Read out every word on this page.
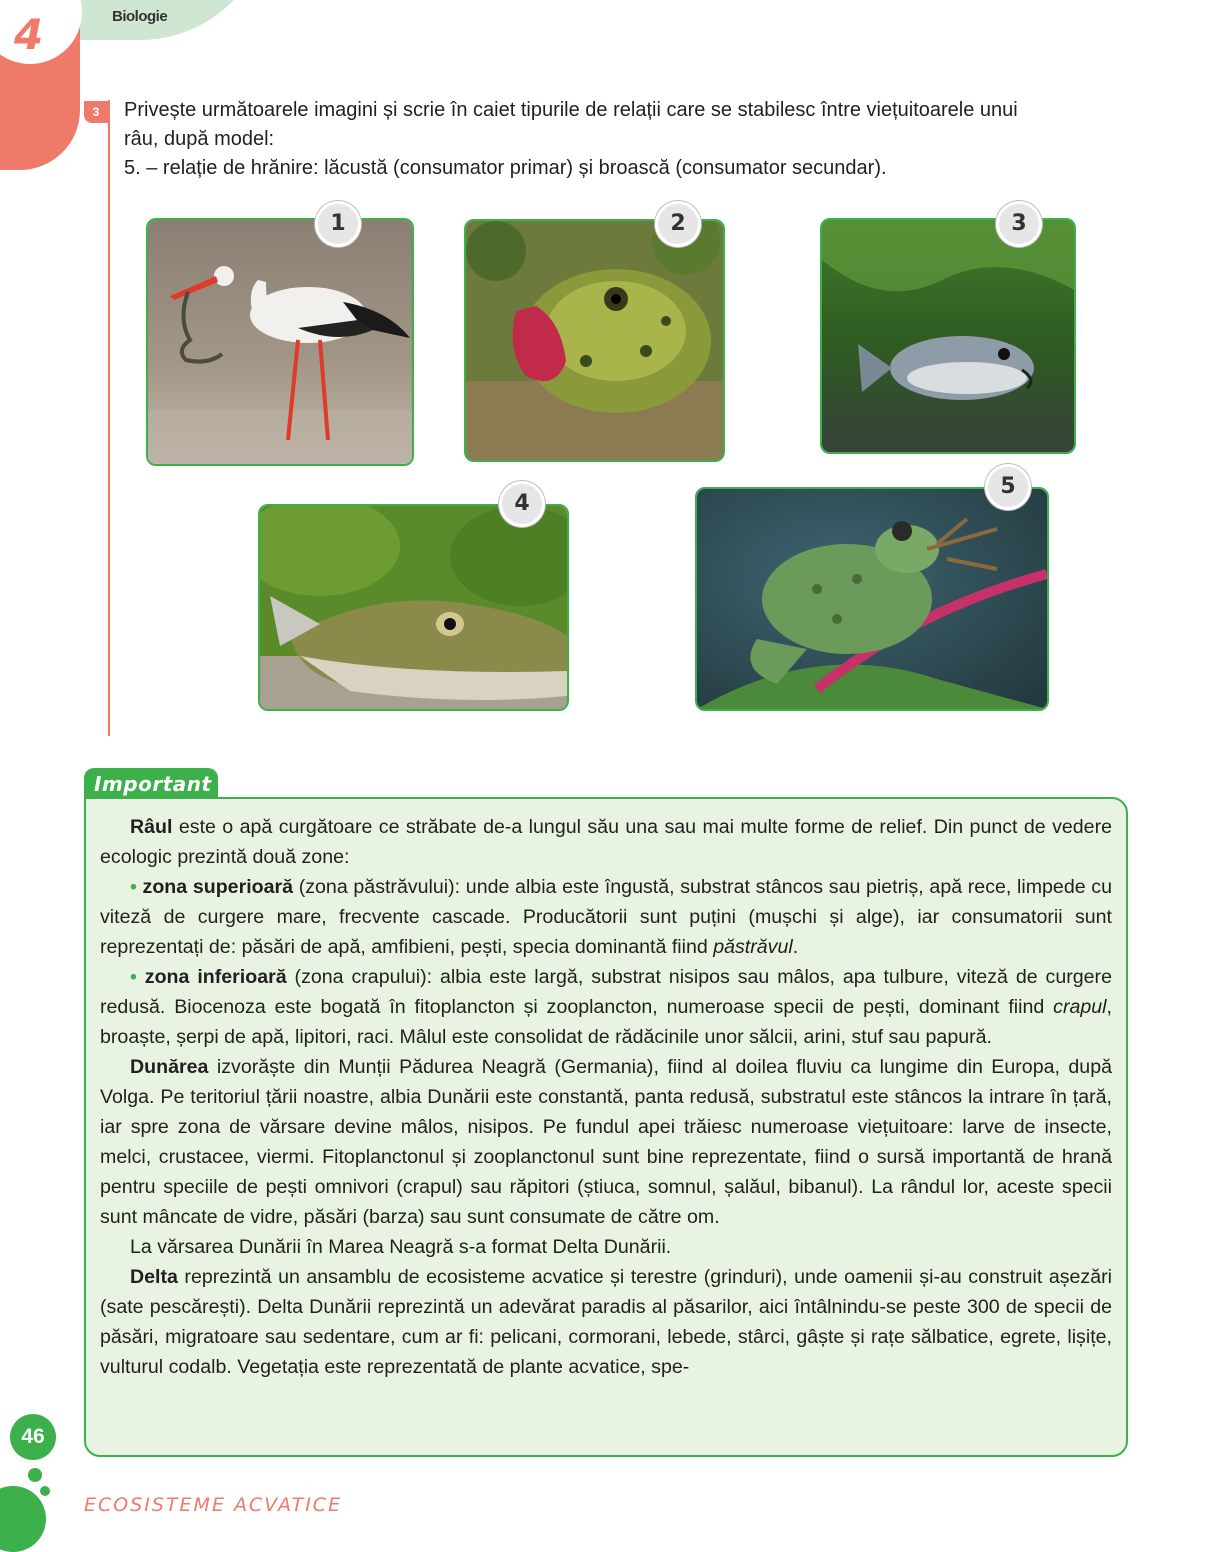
4	Biologie
3	Privește următoarele imagini și scrie în caiet tipurile de relații care se stabilesc între viețuitoarele unui
râu, după model:
5. – relație de hrănire: lăcustă (consumator primar) și broască (consumator secundar).
1	2	3
4
5
Important

Râul este o apă curgătoare ce străbate de-a lungul său una sau mai multe forme de relief. Din punct de vedere ecologic prezintă două zone:

• zona superioară (zona păstrăvului): unde albia este îngustă, substrat stâncos sau pietriș, apă rece, limpede cu viteză de curgere mare, frecvente cascade. Producătorii sunt puțini (mușchi și alge), iar consumatorii sunt reprezentați de: păsări de apă, amfibieni, pești, specia dominantă fiind păstrăvul.

• zona inferioară (zona crapului): albia este largă, substrat nisipos sau mâlos, apa tulbure, viteză de curgere redusă. Biocenoza este bogată în fitoplancton și zooplancton, numeroase specii de pești, dominant fiind crapul, broaște, șerpi de apă, lipitori, raci. Mâlul este consolidat de rădăcinile unor sălcii, arini, stuf sau papură.

Dunărea izvorăște din Munții Pădurea Neagră (Germania), fiind al doilea fluviu ca lungime din Europa, după Volga. Pe teritoriul țării noastre, albia Dunării este constantă, panta redusă, substratul este stâncos la intrare în țară, iar spre zona de vărsare devine mâlos, nisipos. Pe fundul apei trăiesc numeroase viețuitoare: larve de insecte, melci, crustacee, viermi. Fitoplanctonul și zooplanctonul sunt bine reprezentate, fiind o sursă importantă de hrană pentru speciile de pești omnivori (crapul) sau răpitori (știuca, somnul, șalăul, bibanul). La rândul lor, aceste specii sunt mâncate de vidre, păsări (barza) sau sunt consumate de către om.

La vărsarea Dunării în Marea Neagră s-a format Delta Dunării.

Delta reprezintă un ansamblu de ecosisteme acvatice și terestre (grinduri), unde oamenii și-au construit așezări (sate pescărești). Delta Dunării reprezintă un adevărat paradis al păsarilor, aici întâlnindu-se peste 300 de specii de păsări, migratoare sau sedentare, cum ar fi: pelicani, cormorani, lebede, stârci, gâște și rațe sălbatice, egrete, lișițe, vulturul codalb. Vegetația este reprezentată de plante acvatice, spe-

46
ECOSISTEME ACVATICE
